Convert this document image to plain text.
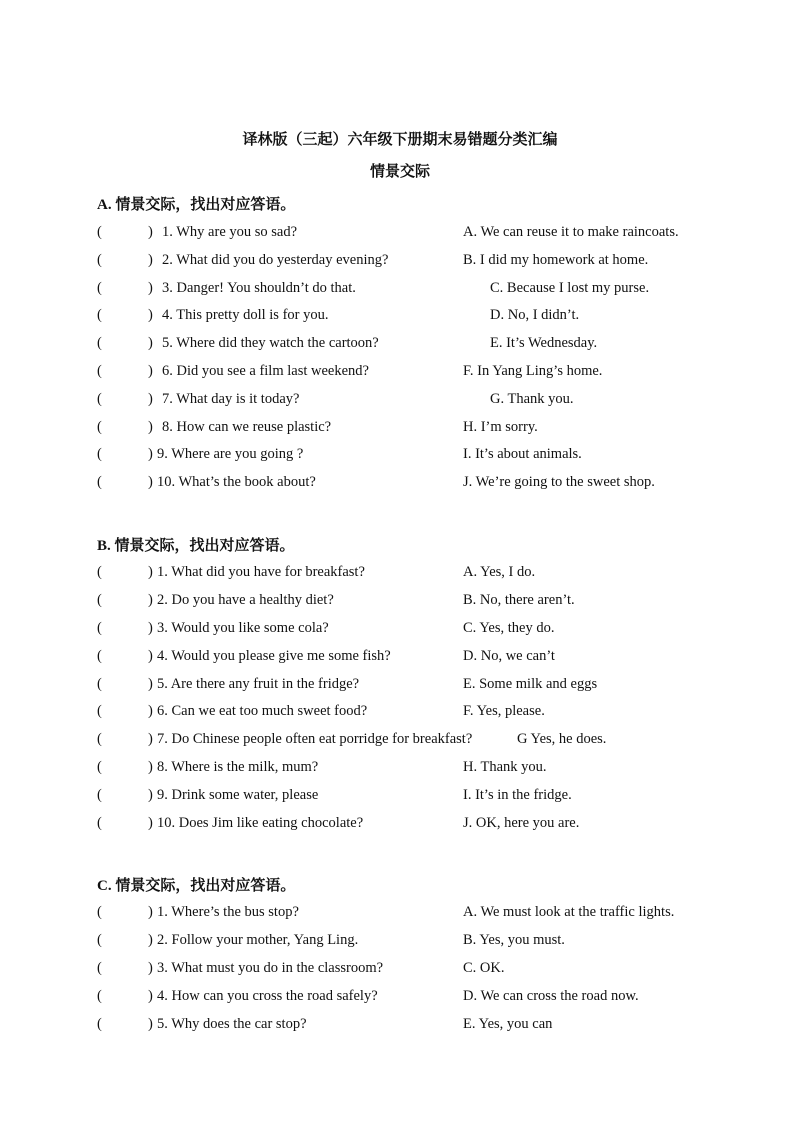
译林版（三起）六年级下册期末易错题分类汇编
情景交际
A. 情景交际，找出对应答语。
(	) 1. Why are you so sad?	A. We can reuse it to make raincoats.
(	) 2. What did you do yesterday evening?	B. I did my homework at home.
(	) 3. Danger! You shouldn’t do that.	C. Because I lost my purse.
(	) 4. This pretty doll is for you.	D. No, I didn’t.
(	) 5. Where did they watch the cartoon?	E. It’s Wednesday.
(	) 6. Did you see a film last weekend?	F. In Yang Ling’s home.
(	) 7. What day is it today?	G. Thank you.
(	) 8. How can we reuse plastic?	H. I’m sorry.
(	) 9. Where are you going ?	I. It’s about animals.
(	) 10. What’s the book about?	J. We’re going to the sweet shop.
B. 情景交际，找出对应答语。
(	) 1. What did you have for breakfast?	A. Yes, I do.
(	) 2. Do you have a healthy diet?	B. No, there aren’t.
(	) 3. Would you like some cola?	C. Yes, they do.
(	) 4. Would you please give me some fish?	D. No, we can’t
(	) 5. Are there any fruit in the fridge?	E. Some milk and eggs
(	) 6. Can we eat too much sweet food?	F. Yes, please.
(	) 7. Do Chinese people often eat porridge for breakfast?	G Yes, he does.
(	) 8. Where is the milk, mum?	H. Thank you.
(	) 9. Drink some water, please	I. It’s in the fridge.
(	) 10. Does Jim like eating chocolate?	J. OK, here you are.
C. 情景交际，找出对应答语。
(	) 1. Where’s the bus stop?	A. We must look at the traffic lights.
(	) 2. Follow your mother, Yang Ling.	B. Yes, you must.
(	) 3. What must you do in the classroom?	C. OK.
(	) 4. How can you cross the road safely?	D. We can cross the road now.
(	) 5. Why does the car stop?	E. Yes, you can
